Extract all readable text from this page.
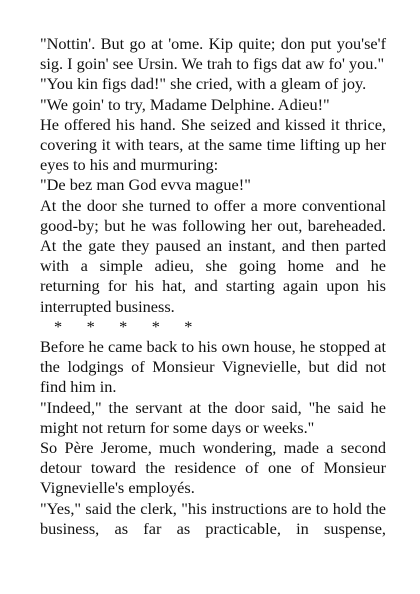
"Nottin'. But go at 'ome. Kip quite; don put you'se'f sig. I goin' see Ursin. We trah to figs dat aw fo' you."

"You kin figs dad!" she cried, with a gleam of joy.

"We goin' to try, Madame Delphine. Adieu!"

He offered his hand. She seized and kissed it thrice, covering it with tears, at the same time lifting up her eyes to his and murmuring:

"De bez man God evva mague!"

At the door she turned to offer a more conventional good-by; but he was following her out, bareheaded. At the gate they paused an instant, and then parted with a simple adieu, she going home and he returning for his hat, and starting again upon his interrupted business.

*      *      *      *      *

Before he came back to his own house, he stopped at the lodgings of Monsieur Vignevielle, but did not find him in.

"Indeed," the servant at the door said, "he said he might not return for some days or weeks."

So Père Jerome, much wondering, made a second detour toward the residence of one of Monsieur Vignevielle's employés.

"Yes," said the clerk, "his instructions are to hold the business, as far as practicable, in suspense,
